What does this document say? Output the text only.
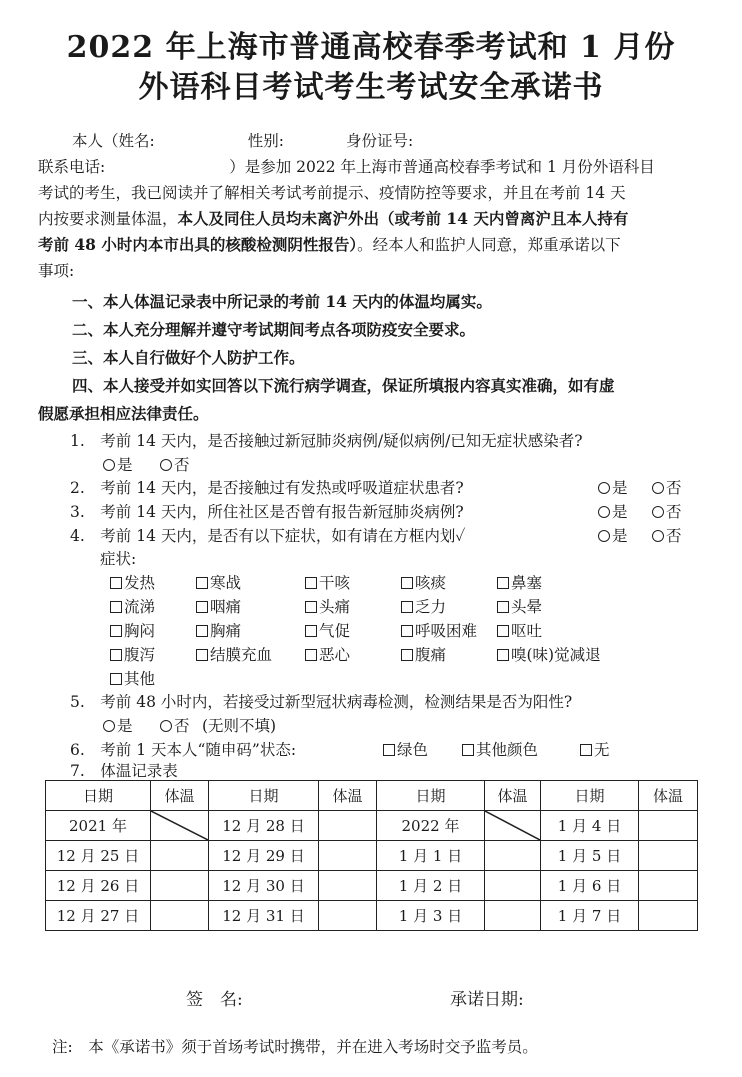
2022 年上海市普通高校春季考试和 1 月份
外语科目考试考生考试安全承诺书
本人（姓名:　　　　　　性别:　　　　身份证号:
联系电话:　　　　　　　　）是参加 2022 年上海市普通高校春季考试和 1 月份外语科目
考试的考生，我已阅读并了解相关考试考前提示、疫情防控等要求，并且在考前 14 天
内按要求测量体温，本人及同住人员均未离沪外出（或考前 14 天内曾离沪且本人持有
考前 48 小时内本市出具的核酸检测阴性报告）。经本人和监护人同意，郑重承诺以下
事项:
一、本人体温记录表中所记录的考前 14 天内的体温均属实。
二、本人充分理解并遵守考试期间考点各项防疫安全要求。
三、本人自行做好个人防护工作。
四、本人接受并如实回答以下流行病学调查，保证所填报内容真实准确，如有虚
假愿承担相应法律责任。
1.　考前 14 天内，是否接触过新冠肺炎病例/疑似病例/已知无症状感染者?
是	否
2.　考前 14 天内，是否接触过有发热或呼吸道症状患者?	是	否
3.　考前 14 天内，所住社区是否曾有报告新冠肺炎病例?	是	否
4.　考前 14 天内，是否有以下症状，如有请在方框内划✓	是	否
症状:
发热	寒战	干咳	咳痰	鼻塞
流涕	咽痛	头痛	乏力	头晕
胸闷	胸痛	气促	呼吸困难	呕吐
腹泻	结膜充血	恶心	腹痛	嗅(味)觉减退
其他
5.　考前 48 小时内，若接受过新型冠状病毒检测，检测结果是否为阳性?
是	否 (无则不填)
6.　考前 1 天本人“随申码”状态:	绿色	其他颜色	无
7.　体温记录表
日期	体温	日期	体温	日期	体温	日期	体温
2021 年		12 月 28 日		2022 年		1 月 4 日	
12 月 25 日		12 月 29 日		1 月 1 日		1 月 5 日	
12 月 26 日		12 月 30 日		1 月 2 日		1 月 6 日	
12 月 27 日		12 月 31 日		1 月 3 日		1 月 7 日	
签　名:	承诺日期:
注:　本《承诺书》须于首场考试时携带，并在进入考场时交予监考员。
